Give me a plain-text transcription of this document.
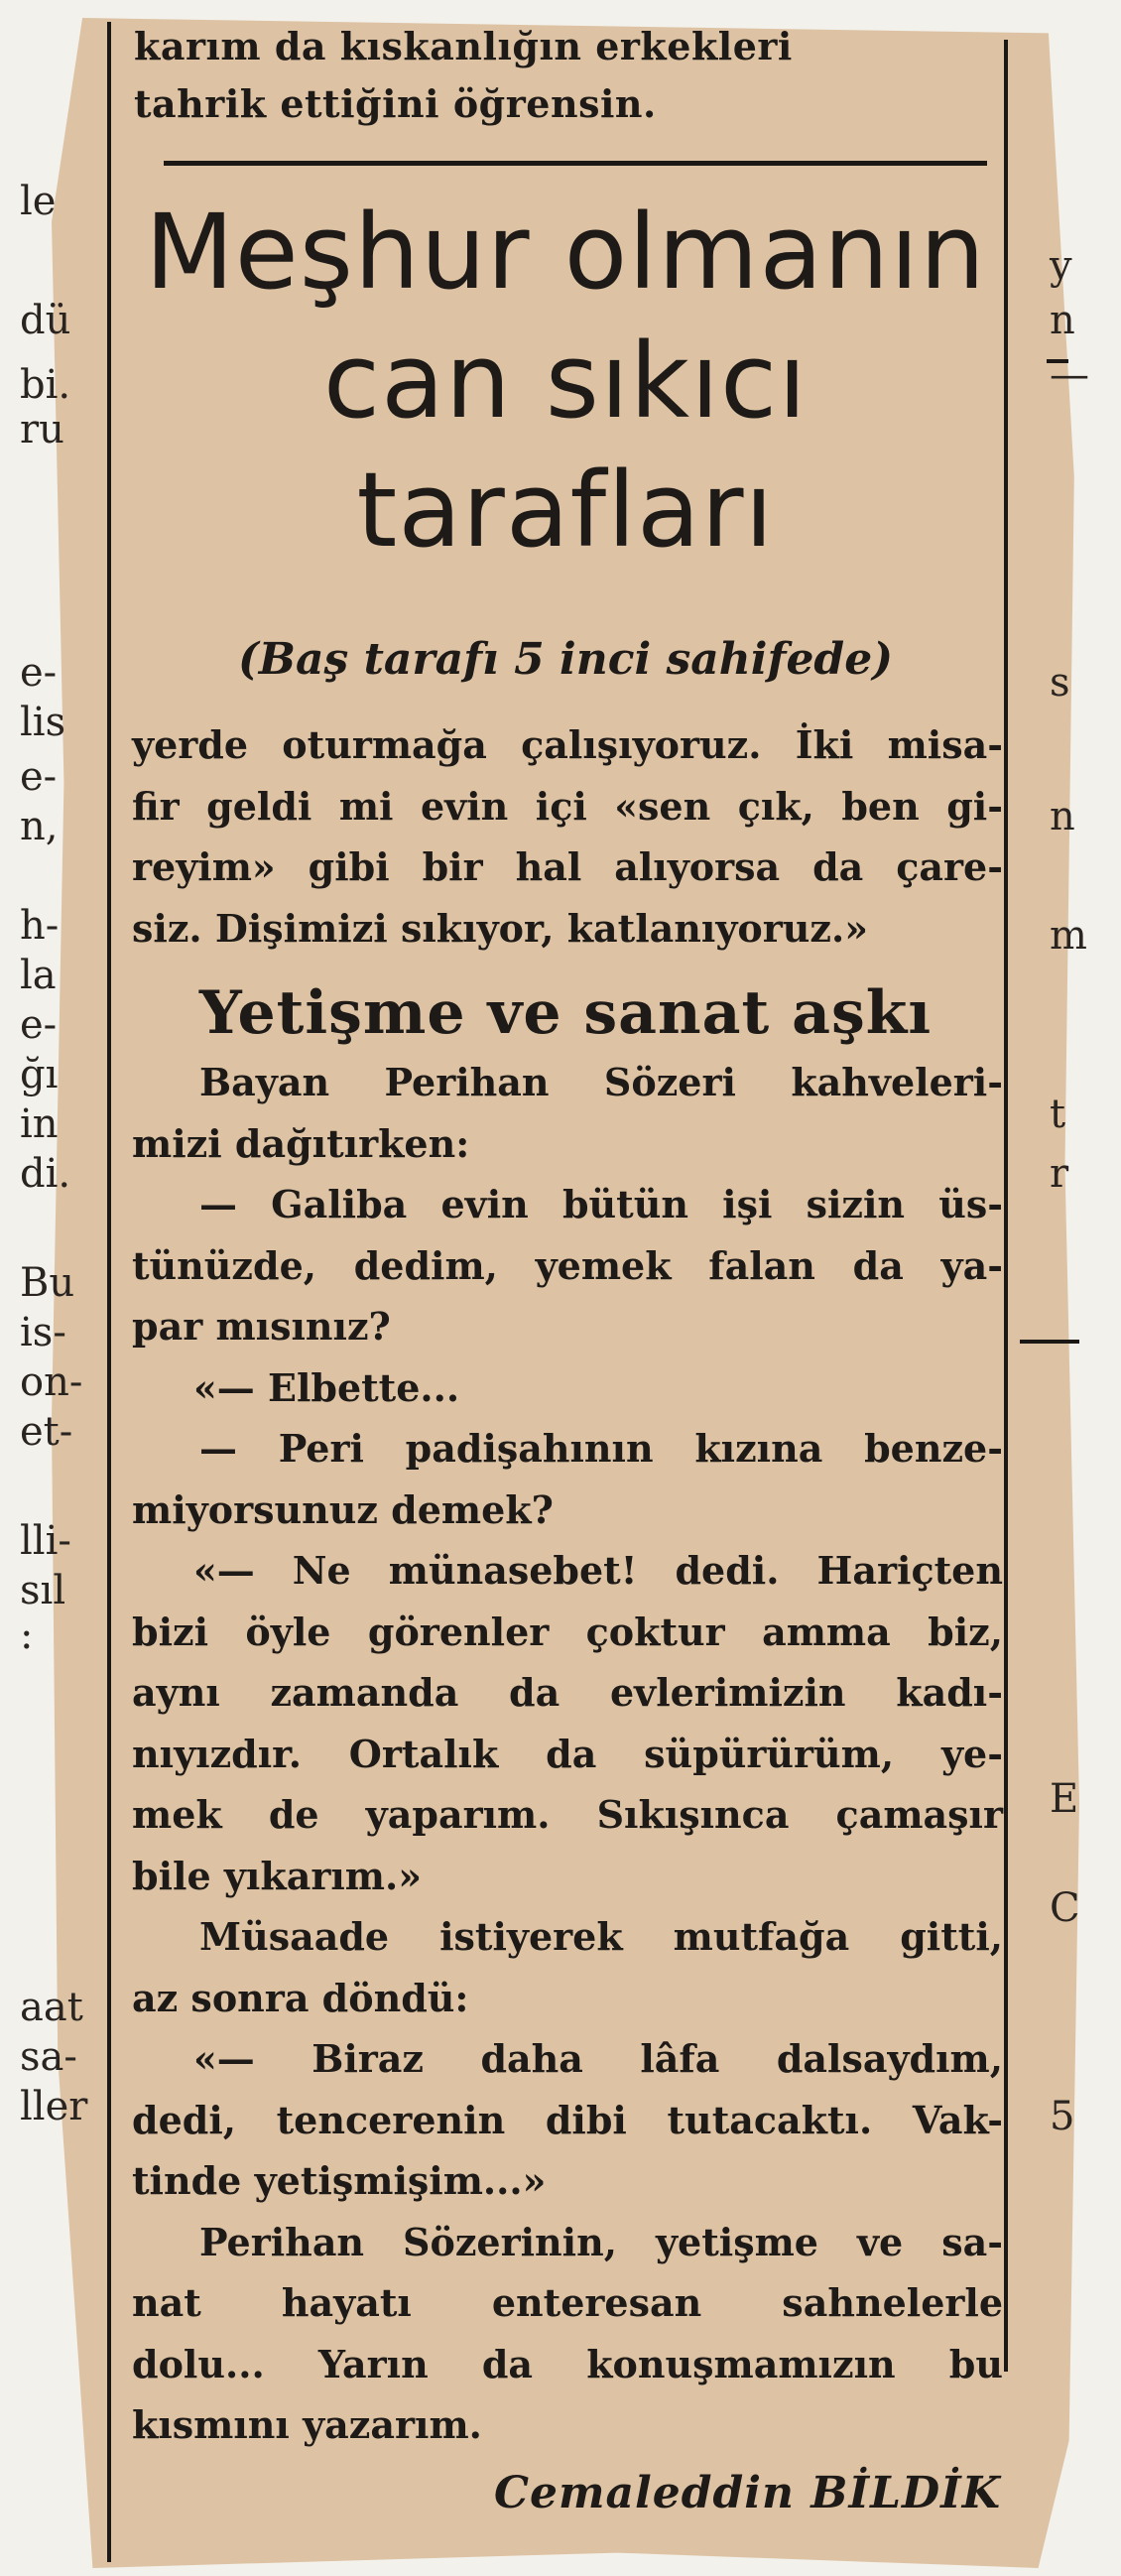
le
dü
bi.
ru
e-
lis
e-
n,
h-
la
e-
ğı
in
di.
Bu
is-
on-
et-
lli-
sıl
:
aat
sa-
ller
y
n
—
s
n
m
t
r
E
C
5
karım da kıskanlığın erkekleri
tahrik ettiğini öğrensin.
Meşhur olmanın
can sıkıcı tarafları
(Baş tarafı 5 inci sahifede)
yerde oturmağa çalışıyoruz. İki misa-
fir geldi mi evin içi «sen çık, ben gi-
reyim» gibi bir hal alıyorsa da çare-
siz. Dişimizi sıkıyor, katlanıyoruz.»
Yetişme ve sanat aşkı
Bayan Perihan Sözeri kahveleri-
mizi dağıtırken:
— Galiba evin bütün işi sizin üs-
tünüzde, dedim, yemek falan da ya-
par mısınız?
«— Elbette...
— Peri padişahının kızına benze-
miyorsunuz demek?
«— Ne münasebet! dedi. Hariçten
bizi öyle görenler çoktur amma biz,
aynı zamanda da evlerimizin kadı-
nıyızdır. Ortalık da süpürürüm, ye-
mek de yaparım. Sıkışınca çamaşır
bile yıkarım.»
Müsaade istiyerek mutfağa gitti,
az sonra döndü:
«— Biraz daha lâfa dalsaydım,
dedi, tencerenin dibi tutacaktı. Vak-
tinde yetişmişim...»
Perihan Sözerinin, yetişme ve sa-
nat hayatı enteresan sahnelerle
dolu... Yarın da konuşmamızın bu
kısmını yazarım.
Cemaleddin BİLDİK
